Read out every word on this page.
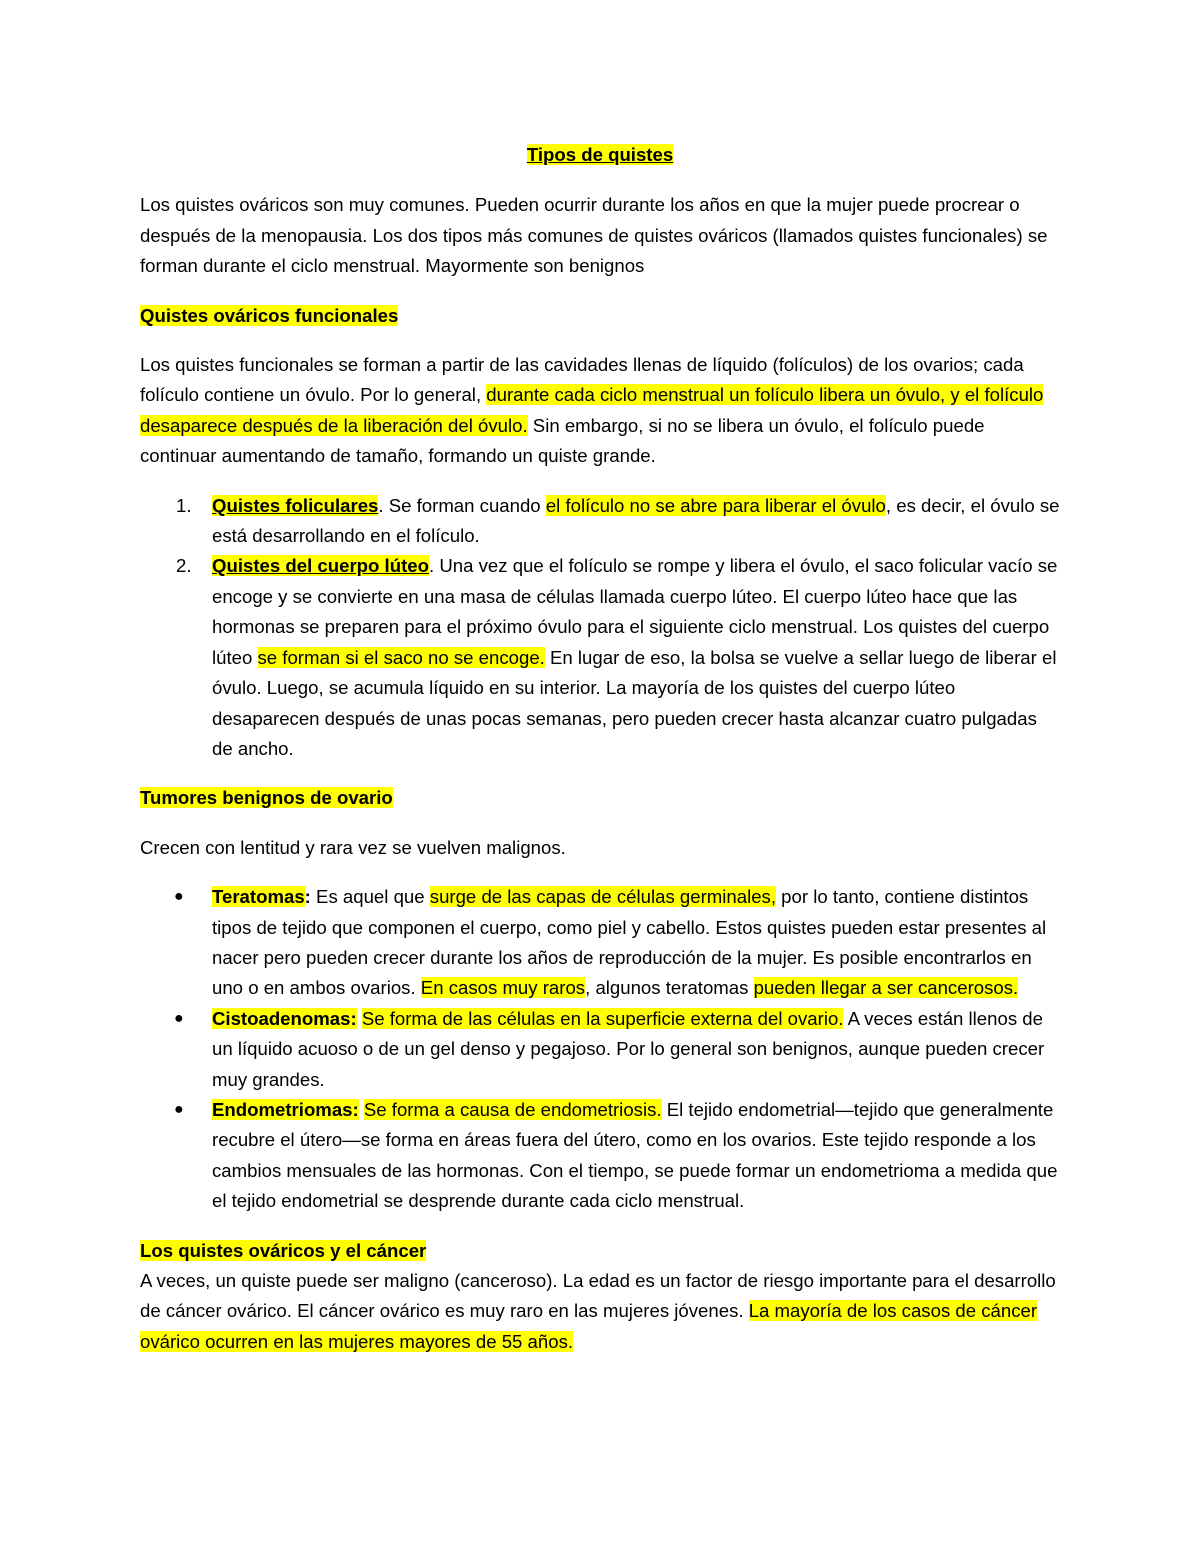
Tipos de quistes

Los quistes ováricos son muy comunes. Pueden ocurrir durante los años en que la mujer puede procrear o después de la menopausia. Los dos tipos más comunes de quistes ováricos (llamados quistes funcionales) se forman durante el ciclo menstrual. Mayormente son benignos

Quistes ováricos funcionales

Los quistes funcionales se forman a partir de las cavidades llenas de líquido (folículos) de los ovarios; cada folículo contiene un óvulo. Por lo general, durante cada ciclo menstrual un folículo libera un óvulo, y el folículo desaparece después de la liberación del óvulo. Sin embargo, si no se libera un óvulo, el folículo puede continuar aumentando de tamaño, formando un quiste grande.

1. Quistes foliculares. Se forman cuando el folículo no se abre para liberar el óvulo, es decir, el óvulo se está desarrollando en el folículo.
2. Quistes del cuerpo lúteo. Una vez que el folículo se rompe y libera el óvulo, el saco folicular vacío se encoge y se convierte en una masa de células llamada cuerpo lúteo. El cuerpo lúteo hace que las hormonas se preparen para el próximo óvulo para el siguiente ciclo menstrual. Los quistes del cuerpo lúteo se forman si el saco no se encoge. En lugar de eso, la bolsa se vuelve a sellar luego de liberar el óvulo. Luego, se acumula líquido en su interior. La mayoría de los quistes del cuerpo lúteo desaparecen después de unas pocas semanas, pero pueden crecer hasta alcanzar cuatro pulgadas de ancho.

Tumores benignos de ovario

Crecen con lentitud y rara vez se vuelven malignos.

● Teratomas: Es aquel que surge de las capas de células germinales, por lo tanto, contiene distintos tipos de tejido que componen el cuerpo, como piel y cabello. Estos quistes pueden estar presentes al nacer pero pueden crecer durante los años de reproducción de la mujer. Es posible encontrarlos en uno o en ambos ovarios. En casos muy raros, algunos teratomas pueden llegar a ser cancerosos.
● Cistoadenomas: Se forma de las células en la superficie externa del ovario. A veces están llenos de un líquido acuoso o de un gel denso y pegajoso. Por lo general son benignos, aunque pueden crecer muy grandes.
● Endometriomas: Se forma a causa de endometriosis. El tejido endometrial—tejido que generalmente recubre el útero—se forma en áreas fuera del útero, como en los ovarios. Este tejido responde a los cambios mensuales de las hormonas. Con el tiempo, se puede formar un endometrioma a medida que el tejido endometrial se desprende durante cada ciclo menstrual.

Los quistes ováricos y el cáncer

A veces, un quiste puede ser maligno (canceroso). La edad es un factor de riesgo importante para el desarrollo de cáncer ovárico. El cáncer ovárico es muy raro en las mujeres jóvenes. La mayoría de los casos de cáncer ovárico ocurren en las mujeres mayores de 55 años.
